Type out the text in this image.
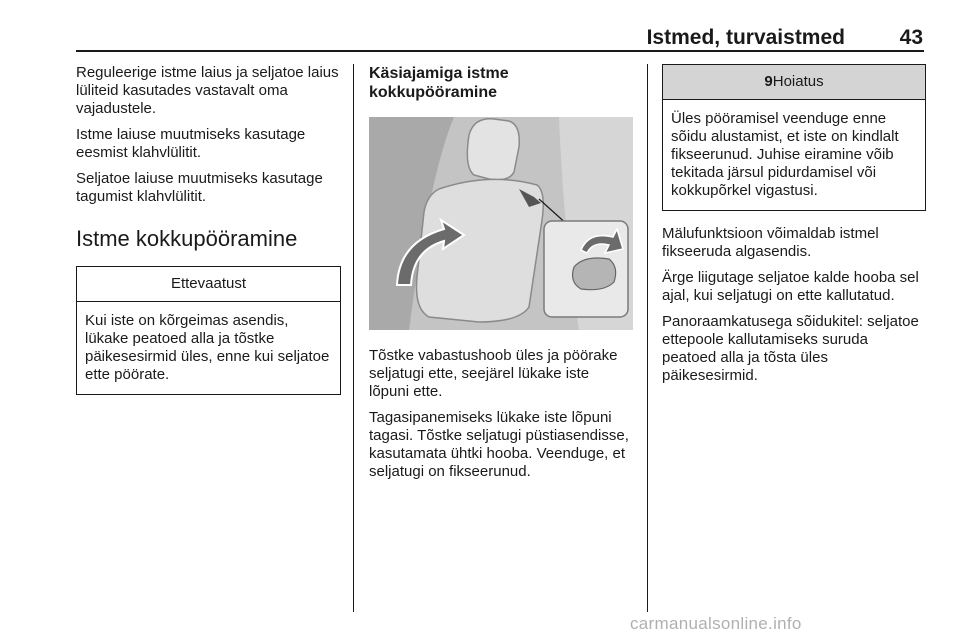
Istmed, turvaistmed	43

Reguleerige istme laius ja seljatoe laius lüliteid kasutades vastavalt oma vajadustele.

Istme laiuse muutmiseks kasutage eesmist klahvlülitit.

Seljatoe laiuse muutmiseks kasutage tagumist klahvlülitit.

Istme kokkupööramine
Ettevaatust
Kui iste on kõrgeimas asendis, lükake peatoed alla ja tõstke päikesesirmid üles, enne kui seljatoe ette pöörate.
Käsiajamiga istme kokkupööramine

Tõstke vabastushoob üles ja pöörake seljatugi ette, seejärel lükake iste lõpuni ette.

Tagasipanemiseks lükake iste lõpuni tagasi. Tõstke seljatugi püstiasendisse, kasutamata ühtki hooba. Veenduge, et seljatugi on fikseerunud.

9Hoiatus
Üles pööramisel veenduge enne sõidu alustamist, et iste on kindlalt fikseerunud. Juhise eiramine võib tekitada järsul pidurdamisel või kokkupõrkel vigastusi.

Mälufunktsioon võimaldab istmel fikseeruda algasendis.

Ärge liigutage seljatoe kalde hooba sel ajal, kui seljatugi on ette kallutatud.

Panoraamkatusega sõidukitel: seljatoe ettepoole kallutamiseks suruda peatoed alla ja tõsta üles päikesesirmid.

carmanualsonline.info
